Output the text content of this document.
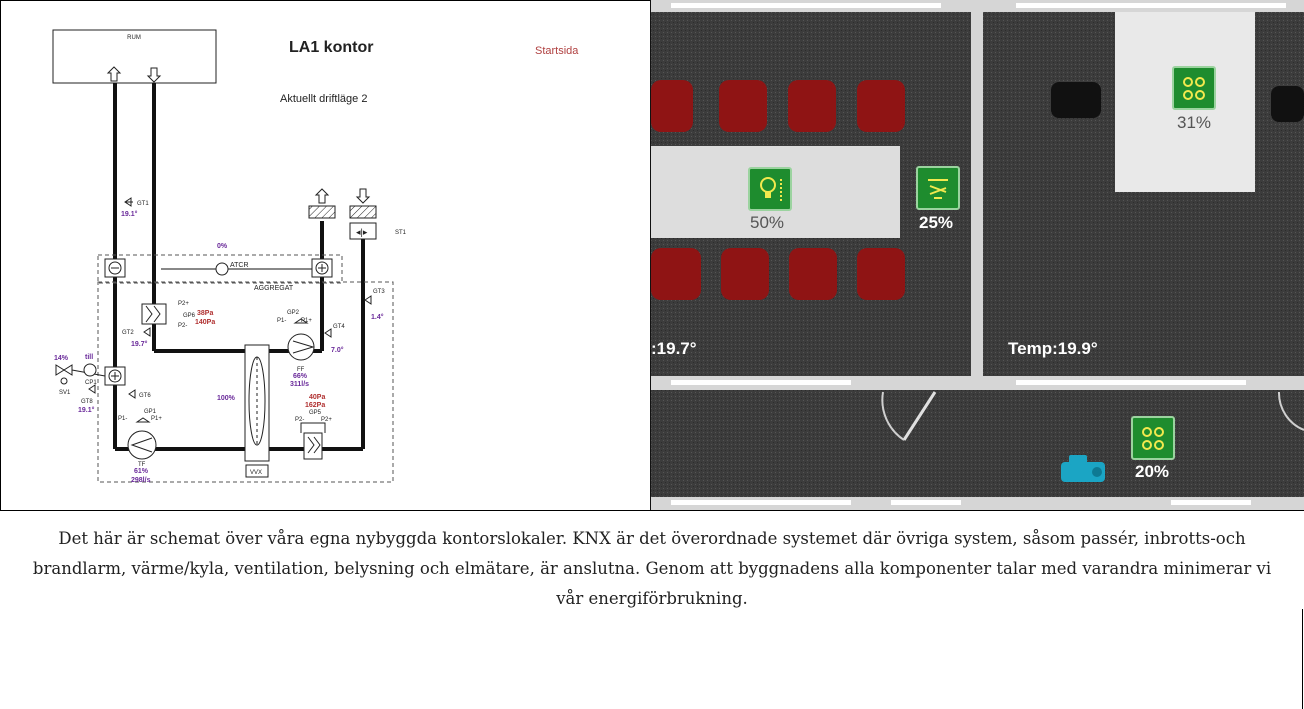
LA1 kontor	Startsida
Aktuellt driftläge 2
RUM
AGGREGAT
0%
ATCR
◂|▸	ST1
GT1
19.1°
GT3
1.4°
GT2
19.7°
GT4
7.0°
GT6
GT8
19.1°
P2+
GP6
P2-
38Pa
140Pa
GP2
P1- P1+
FF
66%
311l/s
VVX
100%
14%
SV1
till
CP1
GP1
P1-	P1+
TF
61%
298l/s
40Pa
162Pa
GP5
P2-	P2+
50%	25%
31%
20%
:19.7°	Temp:19.9°
Det här är schemat över våra egna nybyggda kontorslokaler. KNX är det överordnade systemet där övriga system, såsom passér, inbrotts-och brandlarm, värme/kyla, ventilation, belysning och elmätare, är anslutna. Genom att byggnadens alla komponenter talar med varandra minimerar vi vår energiförbrukning.
